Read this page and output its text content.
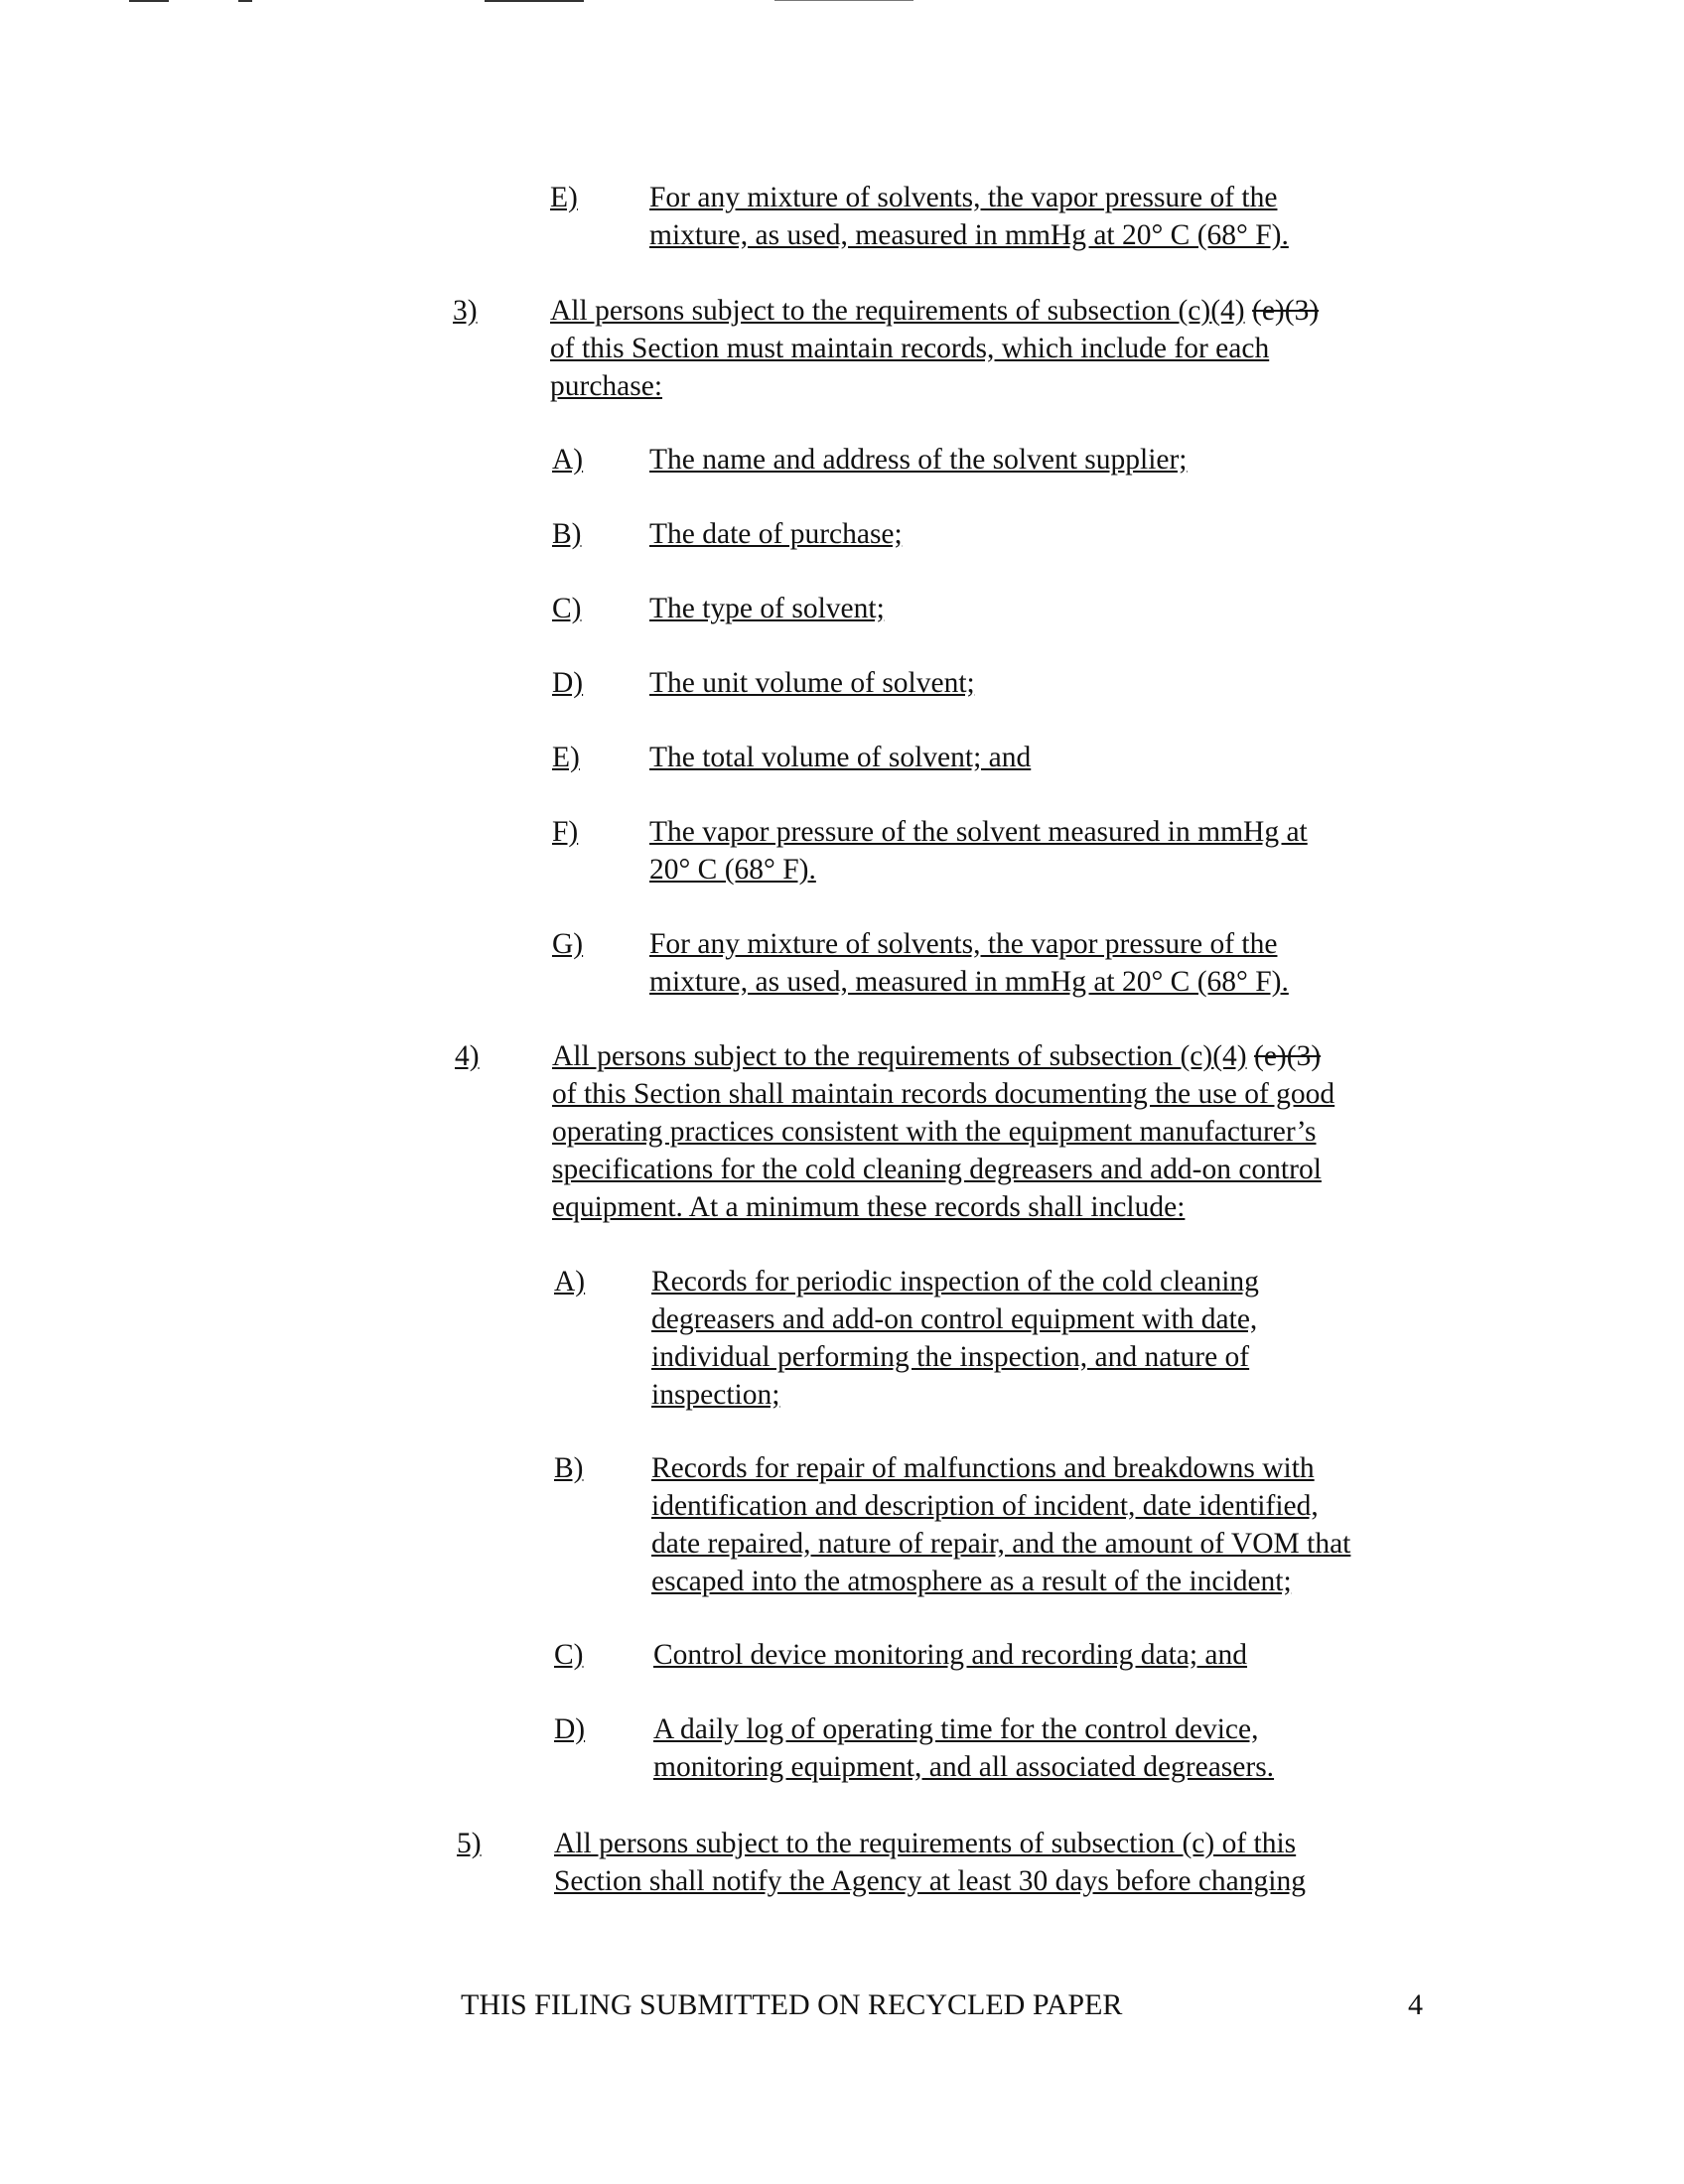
E) For any mixture of solvents, the vapor pressure of the
mixture, as used, measured in mmHg at 20° C (68° F).
3) All persons subject to the requirements of subsection (c)(4) (e)(3)
of this Section must maintain records, which include for each
purchase:
A) The name and address of the solvent supplier;
B) The date of purchase;
C) The type of solvent;
D) The unit volume of solvent;
E) The total volume of solvent; and
F) The vapor pressure of the solvent measured in mmHg at
20° C (68° F).
G) For any mixture of solvents, the vapor pressure of the
mixture, as used, measured in mmHg at 20° C (68° F).
4) All persons subject to the requirements of subsection (c)(4) (e)(3)
of this Section shall maintain records documenting the use of good
operating practices consistent with the equipment manufacturer’s
specifications for the cold cleaning degreasers and add-on control
equipment. At a minimum these records shall include:
A) Records for periodic inspection of the cold cleaning
degreasers and add-on control equipment with date,
individual performing the inspection, and nature of
inspection;
B) Records for repair of malfunctions and breakdowns with
identification and description of incident, date identified,
date repaired, nature of repair, and the amount of VOM that
escaped into the atmosphere as a result of the incident;
C) Control device monitoring and recording data; and
D) A daily log of operating time for the control device,
monitoring equipment, and all associated degreasers.
5) All persons subject to the requirements of subsection (c) of this
Section shall notify the Agency at least 30 days before changing
THIS FILING SUBMITTED ON RECYCLED PAPER	4
